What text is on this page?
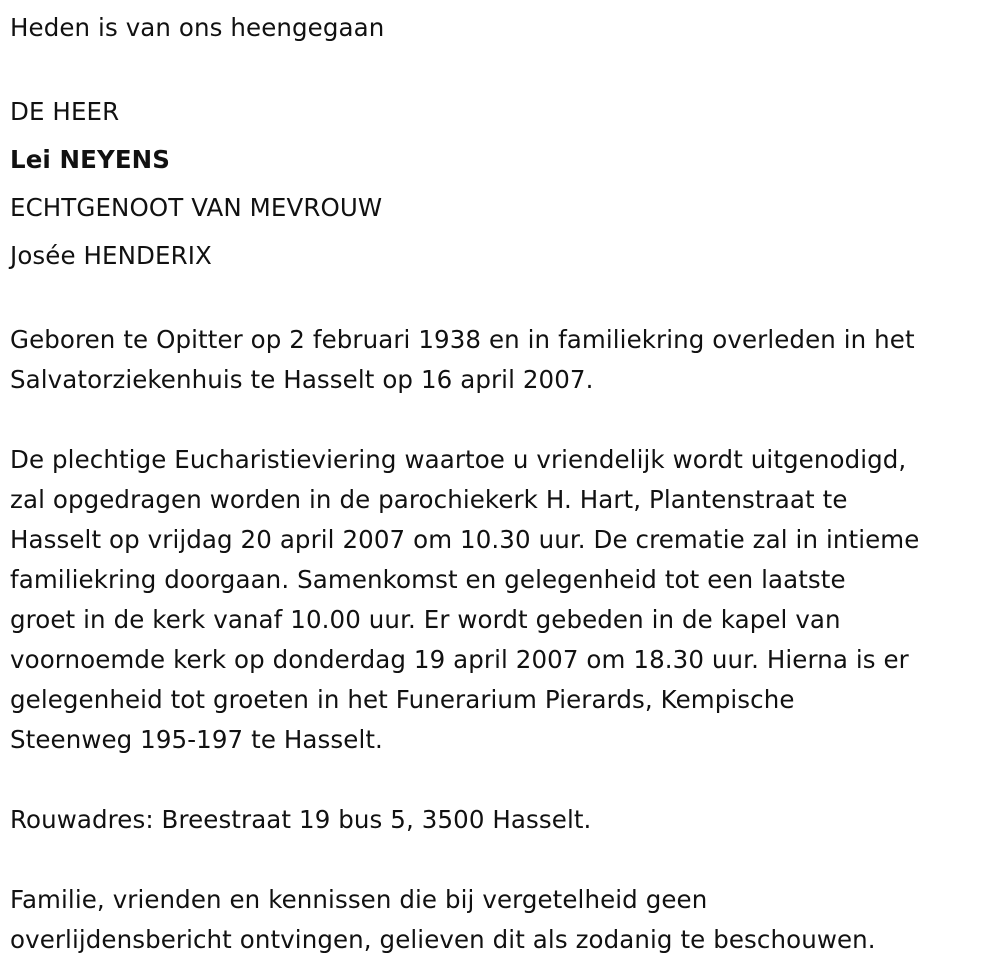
Heden is van ons heengegaan

DE HEER

Lei NEYENS

ECHTGENOOT VAN MEVROUW

Josée HENDERIX

Geboren te Opitter op 2 februari 1938 en in familiekring overleden in het

Salvatorziekenhuis te Hasselt op 16 april 2007.

De plechtige Eucharistieviering waartoe u vriendelijk wordt uitgenodigd,

zal opgedragen worden in de parochiekerk H. Hart, Plantenstraat te

Hasselt op vrijdag 20 april 2007 om 10.30 uur. De crematie zal in intieme

familiekring doorgaan. Samenkomst en gelegenheid tot een laatste

groet in de kerk vanaf 10.00 uur. Er wordt gebeden in de kapel van

voornoemde kerk op donderdag 19 april 2007 om 18.30 uur. Hierna is er

gelegenheid tot groeten in het Funerarium Pierards, Kempische

Steenweg 195-197 te Hasselt.

Rouwadres: Breestraat 19 bus 5, 3500 Hasselt.

Familie, vrienden en kennissen die bij vergetelheid geen

overlijdensbericht ontvingen, gelieven dit als zodanig te beschouwen.
